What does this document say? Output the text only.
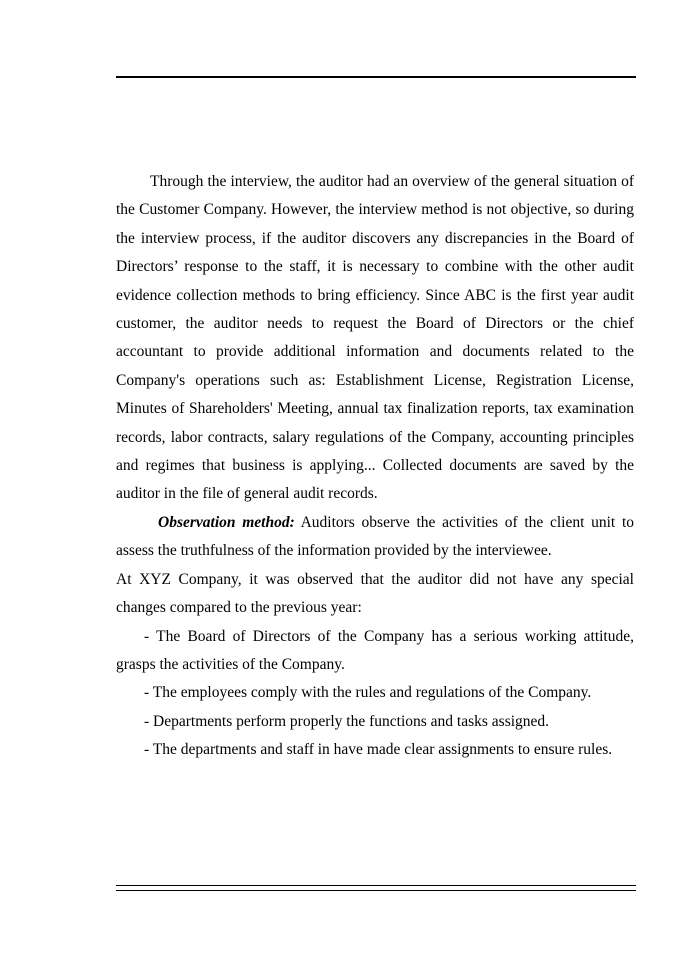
Through the interview, the auditor had an overview of the general situation of the Customer Company. However, the interview method is not objective, so during the interview process, if the auditor discovers any discrepancies in the Board of Directors’ response to the staff, it is necessary to combine with the other audit evidence collection methods to bring efficiency. Since ABC is the first year audit customer, the auditor needs to request the Board of Directors or the chief accountant to provide additional information and documents related to the Company's operations such as: Establishment License, Registration License, Minutes of Shareholders' Meeting, annual tax finalization reports, tax examination records, labor contracts, salary regulations of the Company, accounting principles and regimes that business is applying... Collected documents are saved by the auditor in the file of general audit records.

Observation method: Auditors observe the activities of the client unit to assess the truthfulness of the information provided by the interviewee.

At XYZ Company, it was observed that the auditor did not have any special changes compared to the previous year:

- The Board of Directors of the Company has a serious working attitude, grasps the activities of the Company.

- The employees comply with the rules and regulations of the Company.

- Departments perform properly the functions and tasks assigned.

- The departments and staff in have made clear assignments to ensure rules.
